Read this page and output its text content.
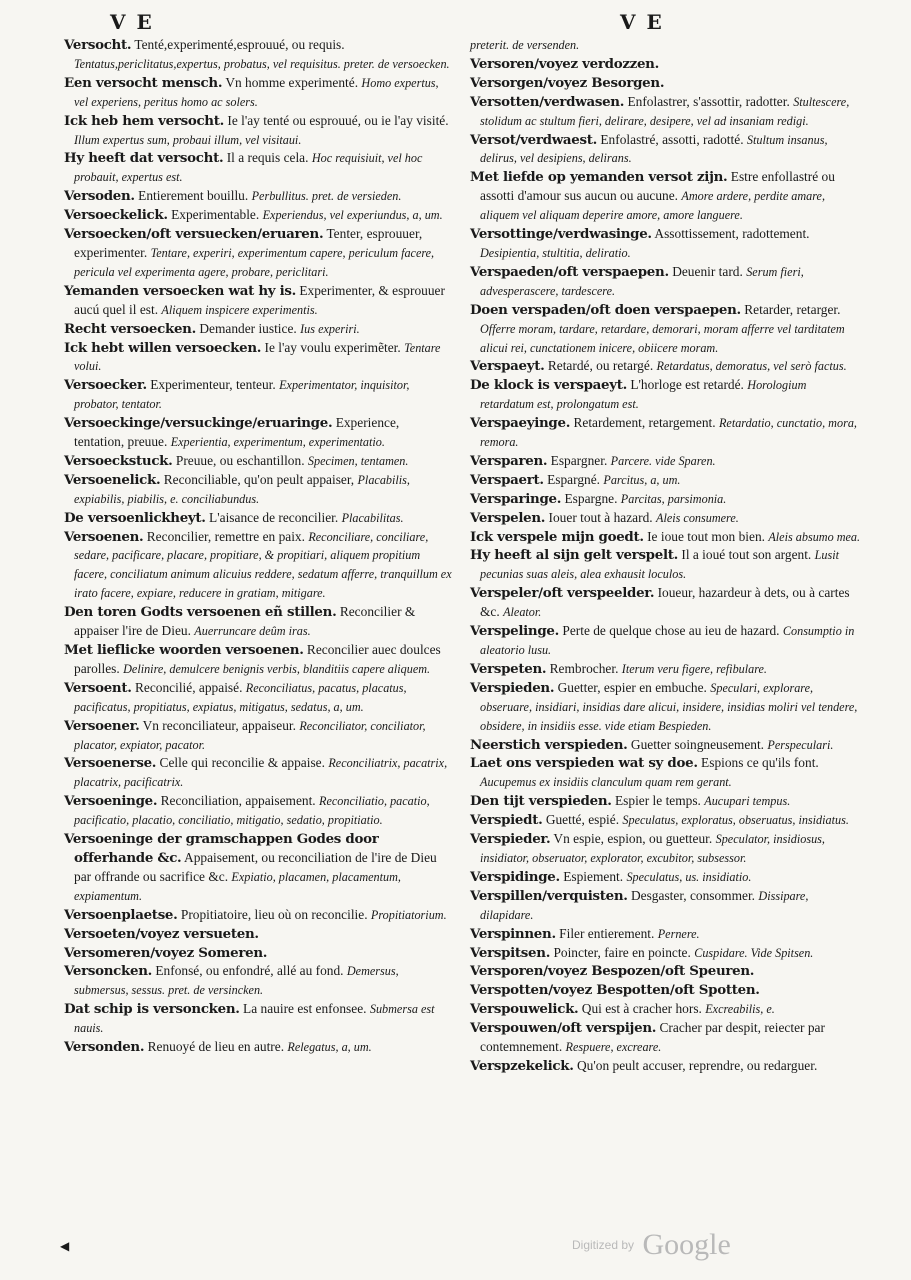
V E	V E

Versocht. Tenté,experimenté,esprouué, ou requis. Tentatus,periclitatus,expertus, probatus, vel requisitus. preter. de versoecken.

Een versocht mensch. Vn homme experimenté. Homo expertus, vel experiens, peritus homo ac solers.

Ick heb hem versocht. Ie l'ay tenté ou esprouué, ou ie l'ay visité. Illum expertus sum, probaui illum, vel visitaui.

Hy heeft dat versocht. Il a requis cela. Hoc requisiuit, vel hoc probauit, expertus est.

Versoden. Entierement bouillu. Perbullitus. pret. de versieden.

Versoeckelick. Experimentable. Experiendus, vel experiundus, a, um.

Versoecken/oft versuecken/eruaren. Tenter, esprouuer, experimenter. Tentare, experiri, experimentum capere, periculum facere, pericula vel experimenta agere, probare, periclitari.

Yemanden versoecken wat hy is. Experimenter, & esprouuer aucú quel il est. Aliquem inspicere experimentis.

Recht versoecken. Demander iustice. Ius experiri.

Ick hebt willen versoecken. Ie l'ay voulu experimẽter. Tentare volui.

Versoecker. Experimenteur, tenteur. Experimentator, inquisitor, probator, tentator.

Versoeckinge/versuckinge/eruaringe. Experience, tentation, preuue. Experientia, experimentum, experimentatio.

Versoeckstuck. Preuue, ou eschantillon. Specimen, tentamen.

Versoenelick. Reconciliable, qu'on peult appaiser, Placabilis, expiabilis, piabilis, e. conciliabundus.

De versoenlickheyt. L'aisance de reconcilier. Placabilitas.

Versoenen. Reconcilier, remettre en paix. Reconciliare, conciliare, sedare, pacificare, placare, propitiare, & propitiari, aliquem propitium facere, conciliatum animum alicuius reddere, sedatum afferre, tranquillum ex irato facere, expiare, reducere in gratiam, mitigare.

Den toren Godts versoenen eñ stillen. Reconcilier & appaiser l'ire de Dieu. Auerruncare deûm iras.

Met lieflicke woorden versoenen. Reconcilier auec doulces parolles. Delinire, demulcere benignis verbis, blanditiis capere aliquem.

Versoent. Reconcilié, appaisé. Reconciliatus, pacatus, placatus, pacificatus, propitiatus, expiatus, mitigatus, sedatus, a, um.

Versoener. Vn reconciliateur, appaiseur. Reconciliator, conciliator, placator, expiator, pacator.

Versoenerse. Celle qui reconcilie & appaise. Reconciliatrix, pacatrix, placatrix, pacificatrix.

Versoeninge. Reconciliation, appaisement. Reconciliatio, pacatio, pacificatio, placatio, conciliatio, mitigatio, sedatio, propitiatio.

Versoeninge der gramschappen Godes door offerhande &c. Appaisement, ou reconciliation de l'ire de Dieu par offrande ou sacrifice &c. Expiatio, placamen, placamentum, expiamentum.

Versoenplaetse. Propitiatoire, lieu où on reconcilie. Propitiatorium.

Versoeten/voyez versueten.

Versomeren/voyez Someren.

Versoncken. Enfonsé, ou enfondré, allé au fond. Demersus, submersus, sessus. pret. de versincken.

Dat schip is versoncken. La nauire est enfonsee. Submersa est nauis.

Versonden. Renuoyé de lieu en autre. Relegatus, a, um.

preterit. de versenden.

Versoren/voyez verdozzen.

Versorgen/voyez Besorgen.

Versotten/verdwasen. Enfolastrer, s'assottir, radotter. Stultescere, stolidum ac stultum fieri, delirare, desipere, vel ad insaniam redigi.

Versot/verdwaest. Enfolastré, assotti, radotté. Stultum insanus, delirus, vel desipiens, delirans.

Met liefde op yemanden versot zijn. Estre enfollastré ou assotti d'amour sus aucun ou aucune. Amore ardere, perdite amare, aliquem vel aliquam deperire amore, amore languere.

Versottinge/verdwasinge. Assottissement, radottement. Desipientia, stultitia, deliratio.

Verspaeden/oft verspaepen. Deuenir tard. Serum fieri, advesperascere, tardescere.

Doen verspaden/oft doen verspaepen. Retarder, retarger. Offerre moram, tardare, retardare, demorari, moram afferre vel tarditatem alicui rei, cunctationem inicere, obiicere moram.

Verspaeyt. Retardé, ou retargé. Retardatus, demoratus, vel serò factus.

De klock is verspaeyt. L'horloge est retardé. Horologium retardatum est, prolongatum est.

Verspaeyinge. Retardement, retargement. Retardatio, cunctatio, mora, remora.

Versparen. Espargner. Parcere. vide Sparen.

Verspaert. Espargné. Parcitus, a, um.

Versparinge. Espargne. Parcitas, parsimonia.

Verspelen. Iouer tout à hazard. Aleis consumere.

Ick verspele mijn goedt. Ie ioue tout mon bien. Aleis absumo mea.

Hy heeft al sijn gelt verspelt. Il a ioué tout son argent. Lusit pecunias suas aleis, alea exhausit loculos.

Verspeler/oft verspeelder. Ioueur, hazardeur à dets, ou à cartes &c. Aleator.

Verspelinge. Perte de quelque chose au ieu de hazard. Consumptio in aleatorio lusu.

Verspeten. Rembrocher. Iterum veru figere, refibulare.

Verspieden. Guetter, espier en embuche. Speculari, explorare, obseruare, insidiari, insidias dare alicui, insidere, insidias moliri vel tendere, obsidere, in insidiis esse. vide etiam Bespieden.

Neerstich verspieden. Guetter soingneusement. Perspeculari.

Laet ons verspieden wat sy doe. Espions ce qu'ils font. Aucupemus ex insidiis clanculum quam rem gerant.

Den tijt verspieden. Espier le temps. Aucupari tempus.

Verspiedt. Guetté, espié. Speculatus, exploratus, obseruatus, insidiatus.

Verspieder. Vn espie, espion, ou guetteur. Speculator, insidiosus, insidiator, obseruator, explorator, excubitor, subsessor.

Verspidinge. Espiement. Speculatus, us. insidiatio.

Verspillen/verquisten. Desgaster, consommer. Dissipare, dilapidare.

Verspinnen. Filer entierement. Pernere.

Verspitsen. Poincter, faire en poincte. Cuspidare. Vide Spitsen.

Versporen/voyez Bespozen/oft Speuren.

Verspotten/voyez Bespotten/oft Spotten.

Verspouwelick. Qui est à cracher hors. Excreabilis, e.

Verspouwen/oft verspijen. Cracher par despit, reiecter par contemnement. Respuere, excreare.

Verspzekelick. Qu'on peult accuser, reprendre, ou redarguer.

◀	Digitized by Google
